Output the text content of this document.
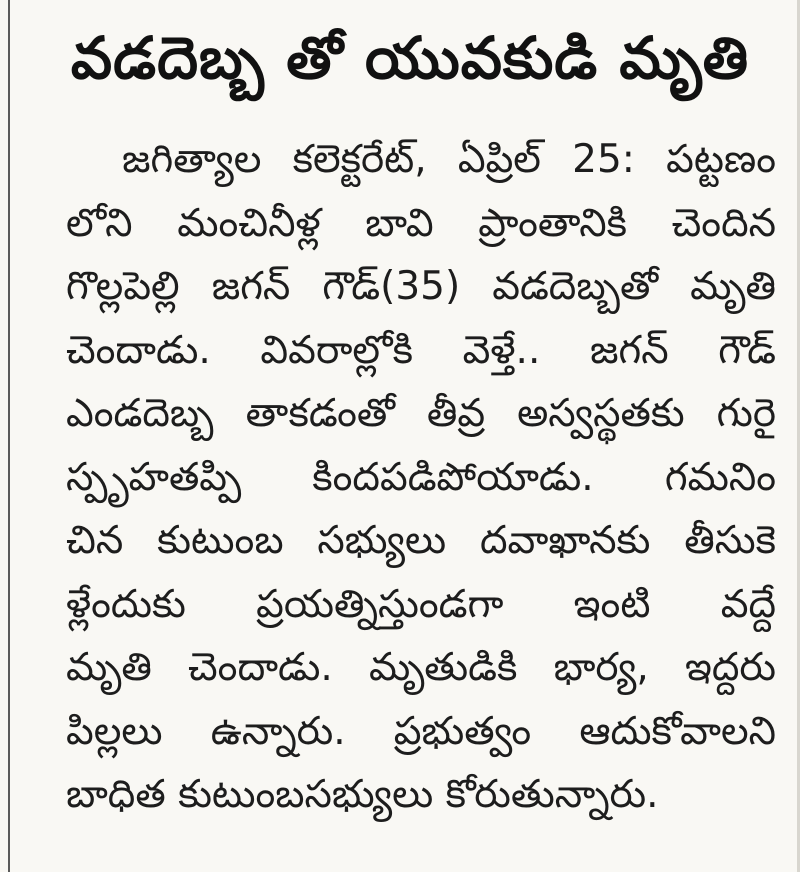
వడదెబ్బ తో యువకుడి మృతి
జగిత్యాల కలెక్టరేట్, ఏప్రిల్ 25: పట్టణం
లోని మంచినీళ్ల బావి ప్రాంతానికి చెందిన
గొల్లపెల్లి జగన్ గౌడ్(35) వడదెబ్బతో మృతి
చెందాడు. వివరాల్లోకి వెళ్తే.. జగన్ గౌడ్
ఎండదెబ్బ తాకడంతో తీవ్ర అస్వస్థతకు గురై
స్పృహతప్పి కిందపడిపోయాడు. గమనిం
చిన కుటుంబ సభ్యులు దవాఖానకు తీసుకె
ళ్లేందుకు ప్రయత్నిస్తుండగా ఇంటి వద్దే
మృతి చెందాడు. మృతుడికి భార్య, ఇద్దరు
పిల్లలు ఉన్నారు. ప్రభుత్వం ఆదుకోవాలని
బాధిత కుటుంబసభ్యులు కోరుతున్నారు.
